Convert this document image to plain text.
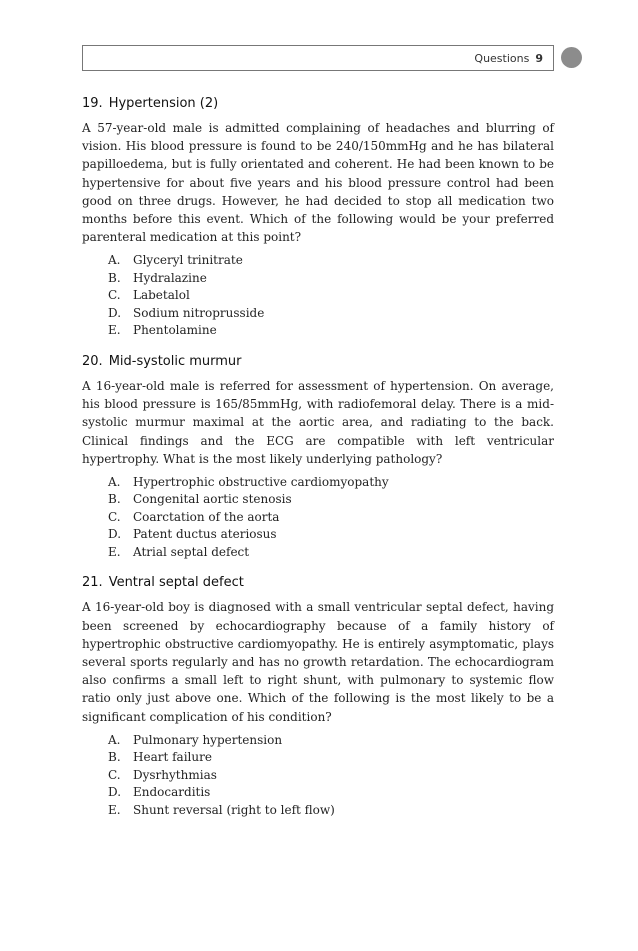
Questions 9
19. Hypertension (2)

A 57-year-old male is admitted complaining of headaches and blurring of vision. His blood pressure is found to be 240/150mmHg and he has bilateral papilloedema, but is fully orientated and coherent. He had been known to be hypertensive for about five years and his blood pressure control had been good on three drugs. However, he had decided to stop all medication two months before this event. Which of the following would be your preferred parenteral medication at this point?

A.	Glyceryl trinitrate
B.	Hydralazine
C.	Labetalol
D. Sodium nitroprusside
E.	Phentolamine
20. Mid-systolic murmur

A 16-year-old male is referred for assessment of hypertension. On average, his blood pressure is 165/85mmHg, with radiofemoral delay. There is a mid-systolic murmur maximal at the aortic area, and radiating to the back. Clinical findings and the ECG are compatible with left ventricular hypertrophy. What is the most likely underlying pathology?

A.	Hypertrophic obstructive cardiomyopathy
B.	Congenital aortic stenosis
C.	Coarctation of the aorta
D. Patent ductus ateriosus
E.	Atrial septal defect
21. Ventral septal defect

A 16-year-old boy is diagnosed with a small ventricular septal defect, having been screened by echocardiography because of a family history of hypertrophic obstructive cardiomyopathy. He is entirely asymptomatic, plays several sports regularly and has no growth retardation. The echocardiogram also confirms a small left to right shunt, with pulmonary to systemic flow ratio only just above one. Which of the following is the most likely to be a significant complication of his condition?

A.	Pulmonary hypertension
B.	Heart failure
C.	Dysrhythmias
D. Endocarditis
E.	Shunt reversal (right to left flow)
